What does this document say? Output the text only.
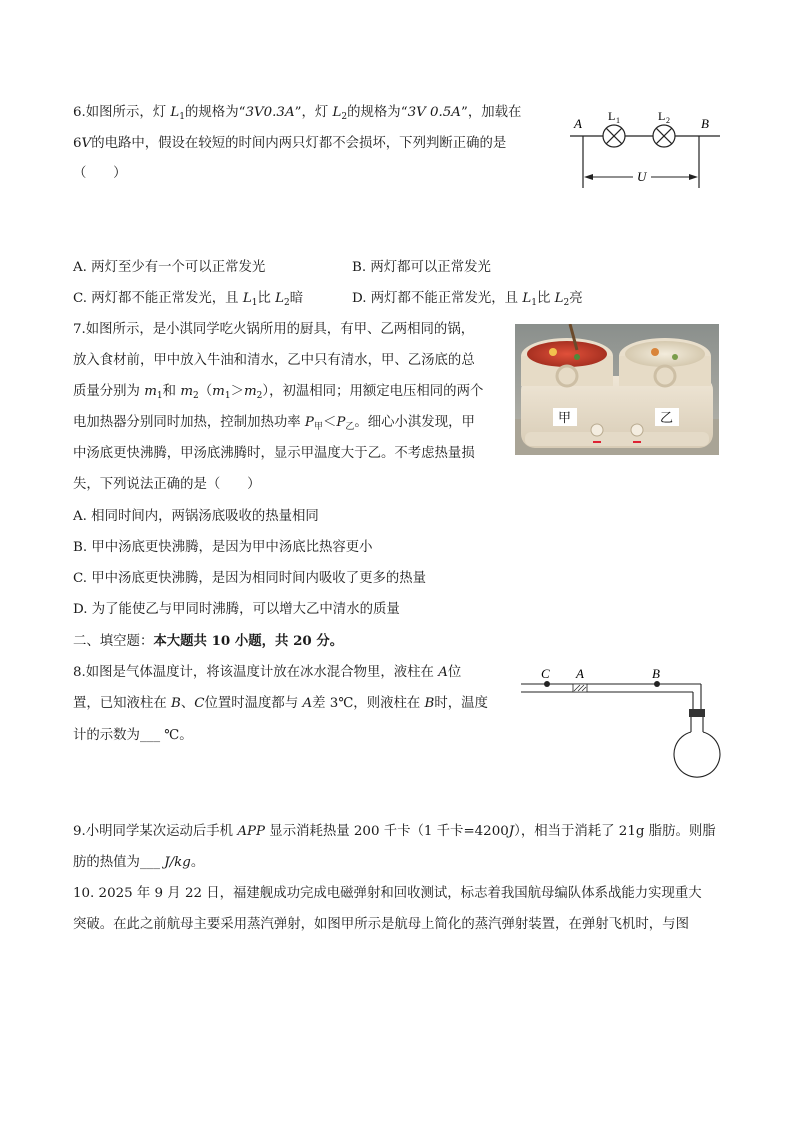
6.如图所示，灯 $L_1$的规格为“3V0.3A”，灯 $L_2$的规格为“3V 0.5A”，加载在
6V的电路中，假设在较短的时间内两只灯都不会损坏，下列判断正确的是
（　　）
A	B
L 1	L 2
U
A. 两灯至少有一个可以正常发光	B. 两灯都可以正常发光
C. 两灯都不能正常发光，且 $L_1$比 $L_2$暗	D. 两灯都不能正常发光，且 $L_1$比 $L_2$亮
7.如图所示，是小淇同学吃火锅所用的厨具，有甲、乙两相同的锅，
放入食材前，甲中放入牛油和清水，乙中只有清水，甲、乙汤底的总
质量分别为 $m_1$和 $m_2(m_1>m_2)$，初温相同；用额定电压相同的两个
电加热器分别同时加热，控制加热功率 $P_甲<P_乙$。细心小淇发现，甲
中汤底更快沸腾，甲汤底沸腾时，显示甲温度大于乙。不考虑热量损
失，下列说法正确的是（　　）
甲	乙
A. 相同时间内，两锅汤底吸收的热量相同
B. 甲中汤底更快沸腾，是因为甲中汤底比热容更小
C. 甲中汤底更快沸腾，是因为相同时间内吸收了更多的热量
D. 为了能使乙与甲同时沸腾，可以增大乙中清水的质量
二、填空题：本大题共 10 小题，共 20 分。
8.如图是气体温度计，将该温度计放在冰水混合物里，液柱在 A位
置，已知液柱在 B、C位置时温度都与 A差 3℃，则液柱在 B时，温度
计的示数为___ ℃。
C A	B
9.小明同学某次运动后手机 APP 显示消耗热量 200 千卡（1 千卡=4200J），相当于消耗了 21g 脂肪。则脂
肪的热值为___ J/kg。
10. 2025 年 9 月 22 日，福建舰成功完成电磁弹射和回收测试，标志着我国航母编队体系战能力实现重大
突破。在此之前航母主要采用蒸汽弹射，如图甲所示是航母上简化的蒸汽弹射装置，在弹射飞机时，与图
